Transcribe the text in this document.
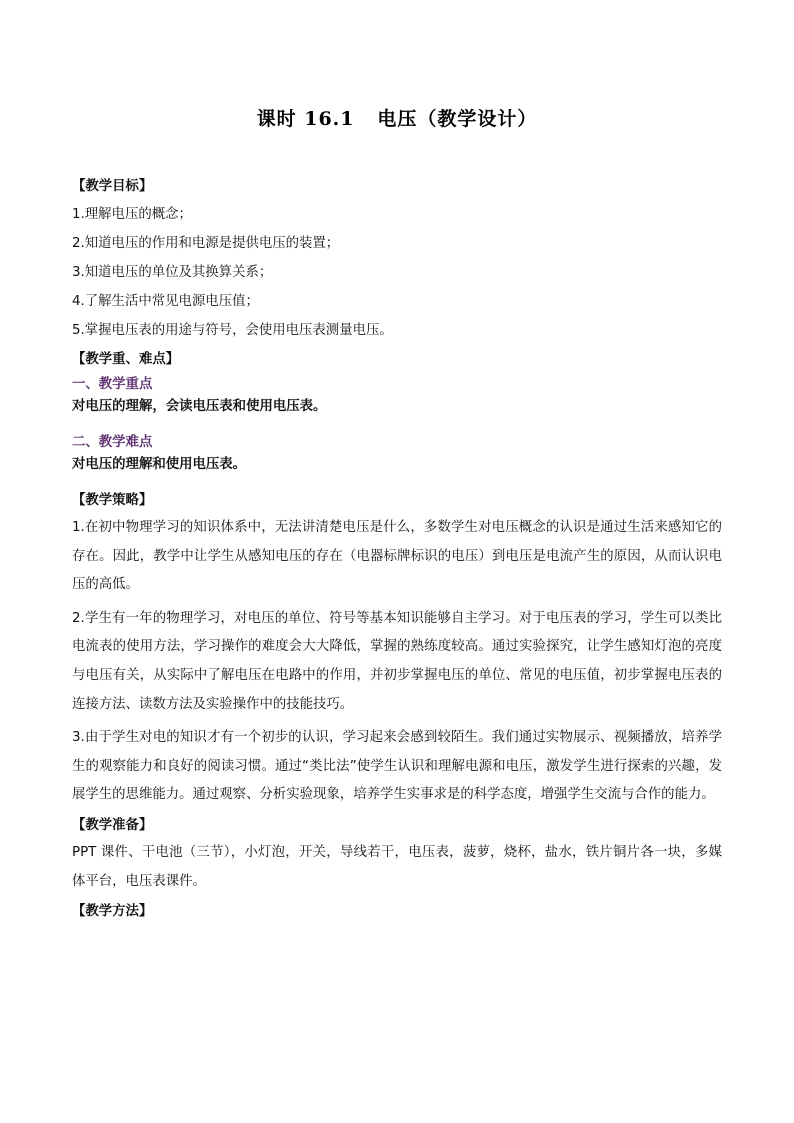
课时 16.1   电压（教学设计）
【教学目标】
1.理解电压的概念；
2.知道电压的作用和电源是提供电压的装置；
3.知道电压的单位及其换算关系；
4.了解生活中常见电源电压值；
5.掌握电压表的用途与符号，会使用电压表测量电压。
【教学重、难点】
一、教学重点
对电压的理解，会读电压表和使用电压表。
二、教学难点
对电压的理解和使用电压表。
【教学策略】
1.在初中物理学习的知识体系中，无法讲清楚电压是什么，多数学生对电压概念的认识是通过生活来感知它的存在。因此，教学中让学生从感知电压的存在（电器标牌标识的电压）到电压是电流产生的原因，从而认识电压的高低。
2.学生有一年的物理学习，对电压的单位、符号等基本知识能够自主学习。对于电压表的学习，学生可以类比电流表的使用方法，学习操作的难度会大大降低，掌握的熟练度较高。通过实验探究，让学生感知灯泡的亮度与电压有关，从实际中了解电压在电路中的作用，并初步掌握电压的单位、常见的电压值，初步掌握电压表的连接方法、读数方法及实验操作中的技能技巧。
3.由于学生对电的知识才有一个初步的认识，学习起来会感到较陌生。我们通过实物展示、视频播放，培养学生的观察能力和良好的阅读习惯。通过“类比法”使学生认识和理解电源和电压，激发学生进行探索的兴趣，发展学生的思维能力。通过观察、分析实验现象，培养学生实事求是的科学态度，增强学生交流与合作的能力。
【教学准备】
PPT 课件、干电池（三节），小灯泡，开关，导线若干，电压表，菠萝，烧杯，盐水，铁片铜片各一块，多媒体平台，电压表课件。
【教学方法】
